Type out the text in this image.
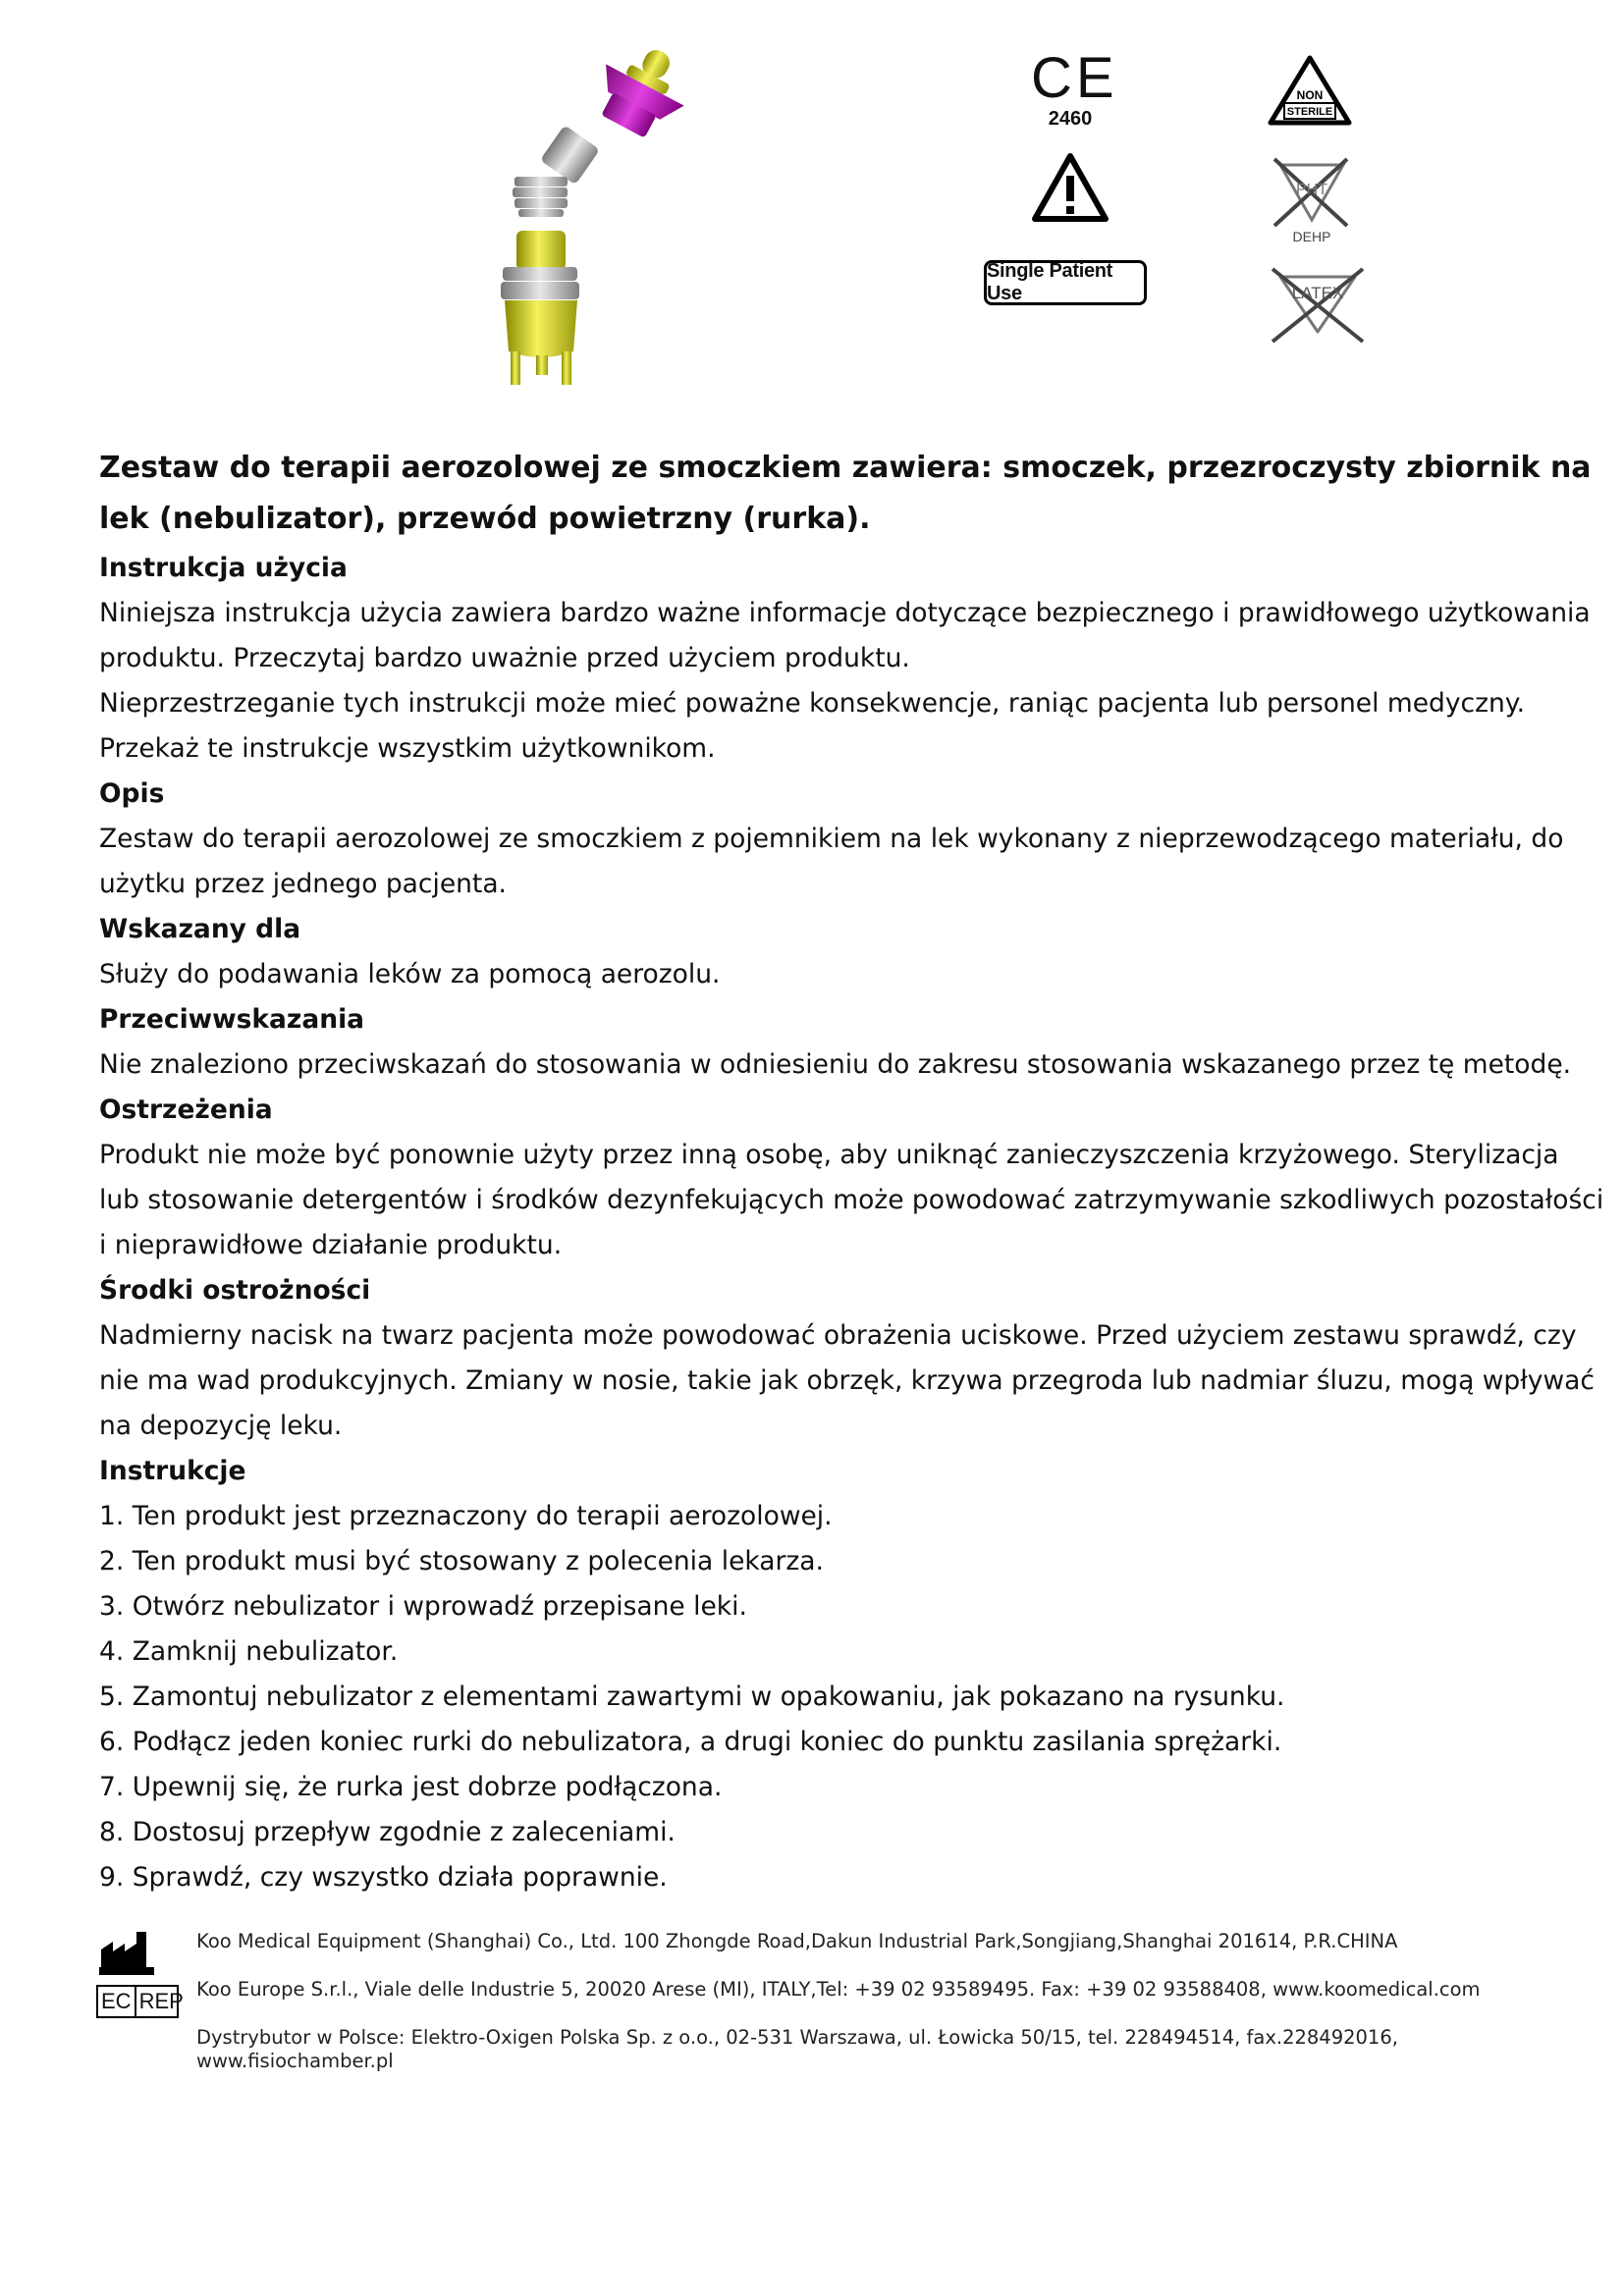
CE
2460
Single Patient Use
NON
STERILE
PHT
DEHP
LATEX

Zestaw do terapii aerozolowej ze smoczkiem zawiera: smoczek, przezroczysty zbiornik na

lek (nebulizator), przewód powietrzny (rurka).

Instrukcja użycia

Niniejsza instrukcja użycia zawiera bardzo ważne informacje dotyczące bezpiecznego i prawidłowego użytkowania

produktu. Przeczytaj bardzo uważnie przed użyciem produktu.

Nieprzestrzeganie tych instrukcji może mieć poważne konsekwencje, raniąc pacjenta lub personel medyczny.

Przekaż te instrukcje wszystkim użytkownikom.

Opis

Zestaw do terapii aerozolowej ze smoczkiem z pojemnikiem na lek wykonany z nieprzewodzącego materiału, do

użytku przez jednego pacjenta.

Wskazany dla

Służy do podawania leków za pomocą aerozolu.

Przeciwwskazania

Nie znaleziono przeciwskazań do stosowania w odniesieniu do zakresu stosowania wskazanego przez tę metodę.

Ostrzeżenia

Produkt nie może być ponownie użyty przez inną osobę, aby uniknąć zanieczyszczenia krzyżowego. Sterylizacja

lub stosowanie detergentów i środków dezynfekujących może powodować zatrzymywanie szkodliwych pozostałości

i nieprawidłowe działanie produktu.

Środki ostrożności

Nadmierny nacisk na twarz pacjenta może powodować obrażenia uciskowe. Przed użyciem zestawu sprawdź, czy

nie ma wad produkcyjnych. Zmiany w nosie, takie jak obrzęk, krzywa przegroda lub nadmiar śluzu, mogą wpływać

na depozycję leku.

Instrukcje

1. Ten produkt jest przeznaczony do terapii aerozolowej.

2. Ten produkt musi być stosowany z polecenia lekarza.

3. Otwórz nebulizator i wprowadź przepisane leki.

4. Zamknij nebulizator.

5. Zamontuj nebulizator z elementami zawartymi w opakowaniu, jak pokazano na rysunku.

6. Podłącz jeden koniec rurki do nebulizatora, a drugi koniec do punktu zasilania sprężarki.

7. Upewnij się, że rurka jest dobrze podłączona.

8. Dostosuj przepływ zgodnie z zaleceniami.

9. Sprawdź, czy wszystko działa poprawnie.

Koo Medical Equipment (Shanghai) Co., Ltd. 100 Zhongde Road,Dakun Industrial Park,Songjiang,Shanghai 201614, P.R.CHINA
EC REP Koo Europe S.r.l., Viale delle Industrie 5, 20020 Arese (MI), ITALY,Tel: +39 02 93589495. Fax: +39 02 93588408, www.koomedical.com
Dystrybutor w Polsce: Elektro-Oxigen Polska Sp. z o.o., 02-531 Warszawa, ul. Łowicka 50/15, tel. 228494514, fax.228492016,
www.fisiochamber.pl
